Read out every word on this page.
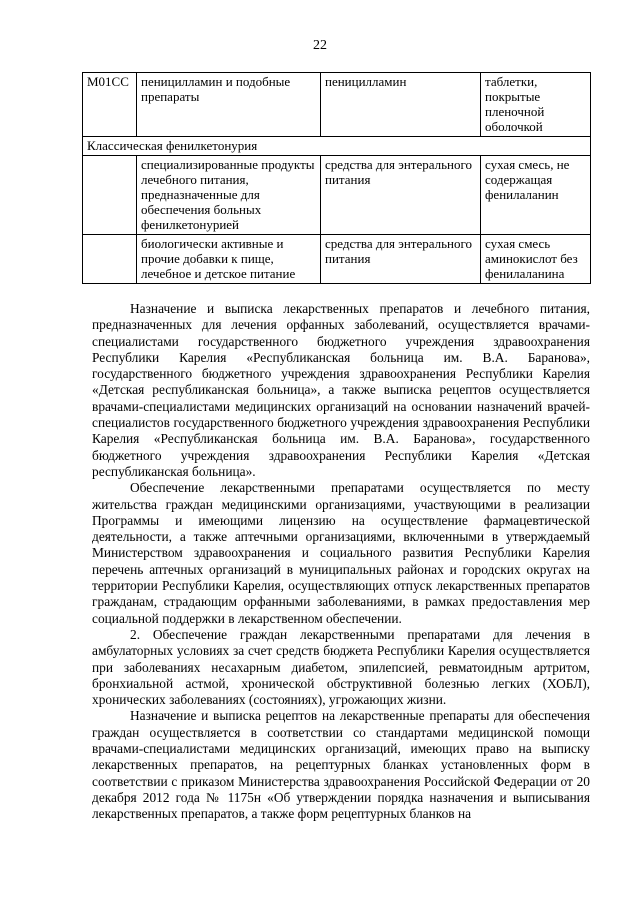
22
M01CC	пеницилламин и подобные препараты	пеницилламин	таблетки, покрытые пленочной оболочкой
Классическая фенилкетонурия			
	специализированные продукты лечебного питания, предназначенные для обеспечения больных фенилкетонурией	средства для энтерального питания	сухая смесь, не содержащая фенилаланин
	биологически активные и прочие добавки к пище, лечебное и детское питание	средства для энтерального питания	сухая смесь аминокислот без фенилаланина

Назначение и выписка лекарственных препаратов и лечебного питания, предназначенных для лечения орфанных заболеваний, осуществляется врачами-специалистами государственного бюджетного учреждения здравоохранения Республики Карелия «Республиканская больница им. В.А. Баранова», государственного бюджетного учреждения здравоохранения Республики Карелия «Детская республиканская больница», а также выписка рецептов осуществляется врачами-специалистами медицинских организаций на основании назначений врачей-специалистов государственного бюджетного учреждения здравоохранения Республики Карелия «Республиканская больница им. В.А. Баранова», государственного бюджетного учреждения здравоохранения Республики Карелия «Детская республиканская больница».

Обеспечение лекарственными препаратами осуществляется по месту жительства граждан медицинскими организациями, участвующими в реализации Программы и имеющими лицензию на осуществление фармацевтической деятельности, а также аптечными организациями, включенными в утверждаемый Министерством здравоохранения и социального развития Республики Карелия перечень аптечных организаций в муниципальных районах и городских округах на территории Республики Карелия, осуществляющих отпуск лекарственных препаратов гражданам, страдающим орфанными заболеваниями, в рамках предоставления мер социальной поддержки в лекарственном обеспечении.

2. Обеспечение граждан лекарственными препаратами для лечения в амбулаторных условиях за счет средств бюджета Республики Карелия осуществляется при заболеваниях несахарным диабетом, эпилепсией, ревматоидным артритом, бронхиальной астмой, хронической обструктивной болезнью легких (ХОБЛ), хронических заболеваниях (состояниях), угрожающих жизни.

Назначение и выписка рецептов на лекарственные препараты для обеспечения граждан осуществляется в соответствии со стандартами медицинской помощи врачами-специалистами медицинских организаций, имеющих право на выписку лекарственных препаратов, на рецептурных бланках установленных форм в соответствии с приказом Министерства здравоохранения Российской Федерации от 20 декабря 2012 года № 1175н «Об утверждении порядка назначения и выписывания лекарственных препаратов, а также форм рецептурных бланков на
